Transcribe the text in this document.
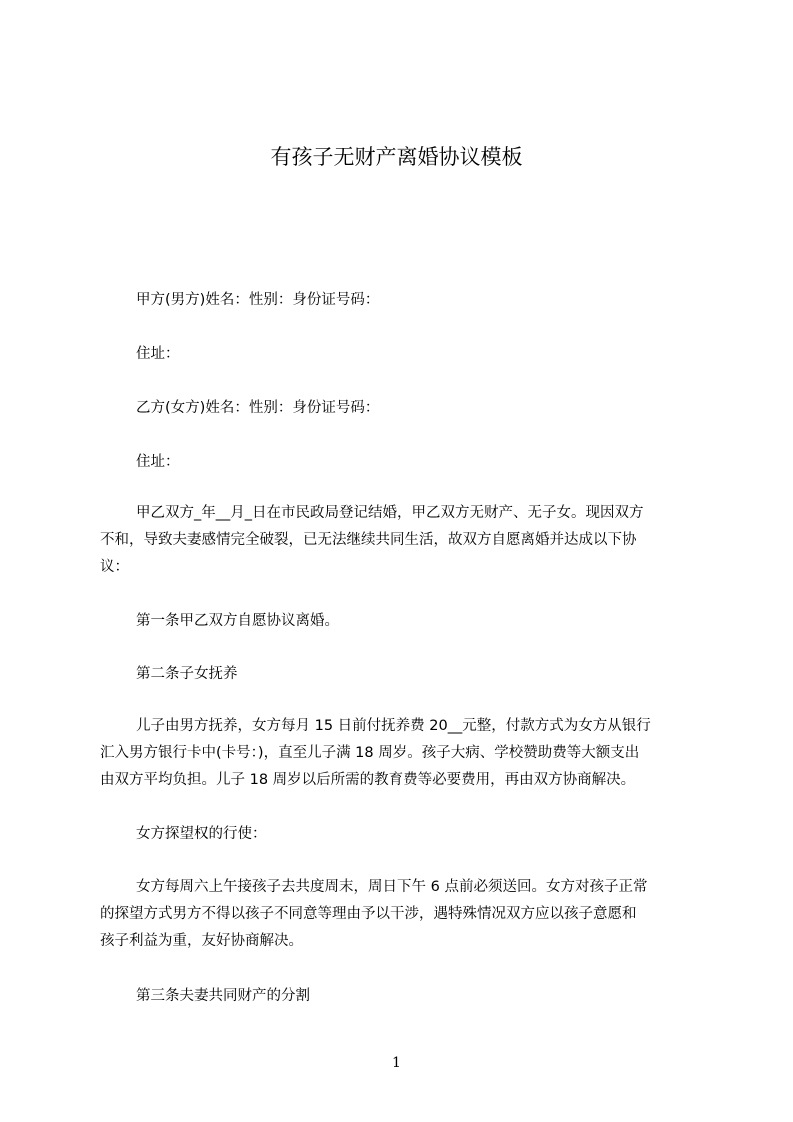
有孩子无财产离婚协议模板
甲方(男方)姓名：性别：身份证号码：
住址：
乙方(女方)姓名：性别：身份证号码：
住址：
甲乙双方_年__月_日在市民政局登记结婚，甲乙双方无财产、无子女。现因双方
不和，导致夫妻感情完全破裂，已无法继续共同生活，故双方自愿离婚并达成以下协
议：
第一条甲乙双方自愿协议离婚。
第二条子女抚养
儿子由男方抚养，女方每月 15 日前付抚养费 20__元整，付款方式为女方从银行
汇入男方银行卡中(卡号：)，直至儿子满 18 周岁。孩子大病、学校赞助费等大额支出
由双方平均负担。儿子 18 周岁以后所需的教育费等必要费用，再由双方协商解决。
女方探望权的行使：
女方每周六上午接孩子去共度周末，周日下午 6 点前必须送回。女方对孩子正常
的探望方式男方不得以孩子不同意等理由予以干涉，遇特殊情况双方应以孩子意愿和
孩子利益为重，友好协商解决。
第三条夫妻共同财产的分割
1
